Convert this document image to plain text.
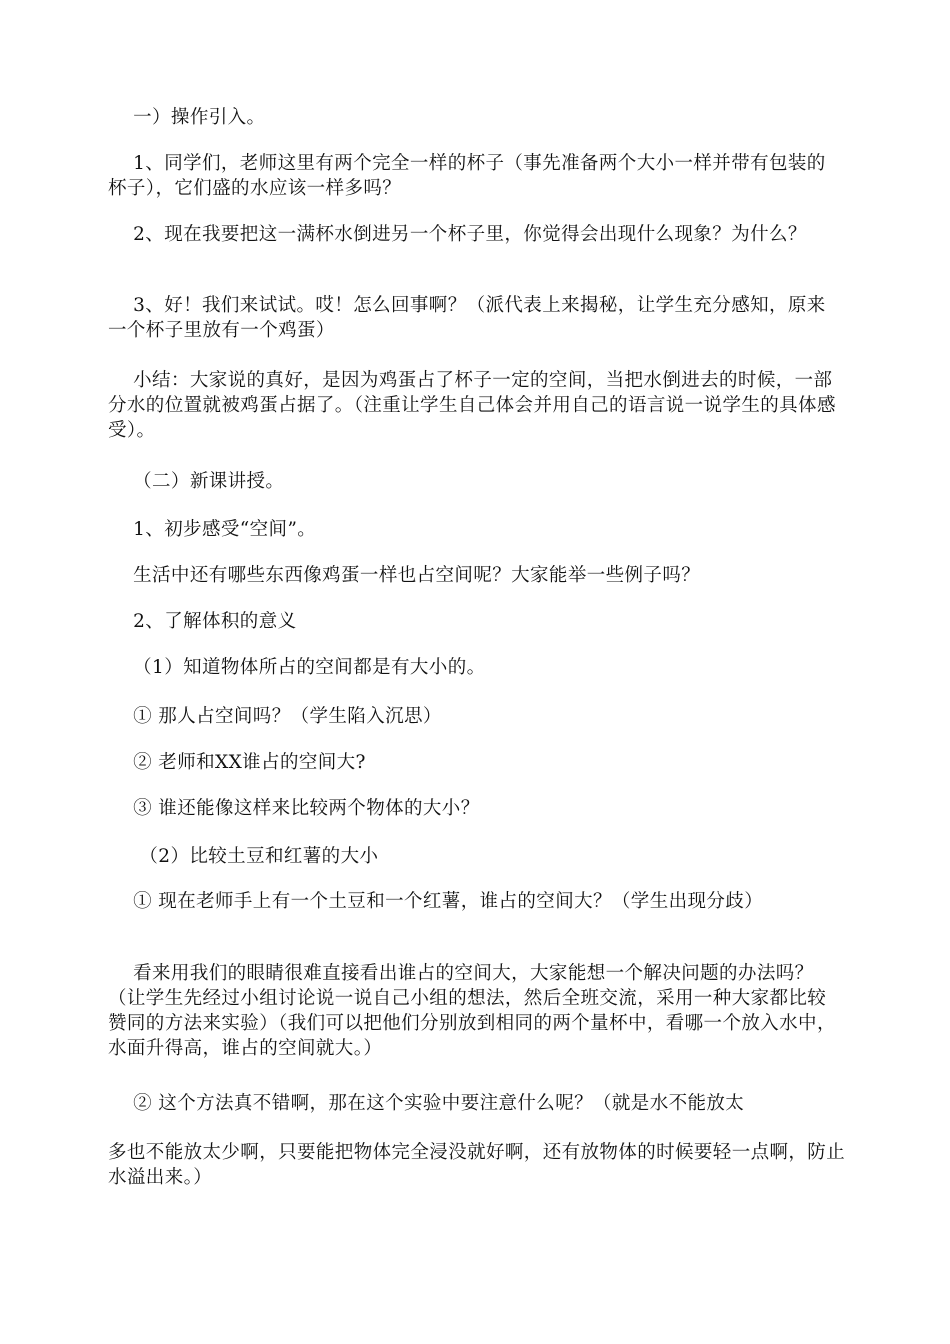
一）操作引入。

1、同学们，老师这里有两个完全一样的杯子（事先准备两个大小一样并带有包装的杯子），它们盛的水应该一样多吗？

2、现在我要把这一满杯水倒进另一个杯子里，你觉得会出现什么现象？为什么？

3、好！我们来试试。哎！怎么回事啊？（派代表上来揭秘，让学生充分感知，原来一个杯子里放有一个鸡蛋）

小结：大家说的真好，是因为鸡蛋占了杯子一定的空间，当把水倒进去的时候，一部分水的位置就被鸡蛋占据了。（注重让学生自己体会并用自己的语言说一说学生的具体感受）。

（二）新课讲授。

1、初步感受“空间”。

生活中还有哪些东西像鸡蛋一样也占空间呢？大家能举一些例子吗？

2、了解体积的意义

（1）知道物体所占的空间都是有大小的。

① 那人占空间吗？（学生陷入沉思）

② 老师和XX谁占的空间大?

③ 谁还能像这样来比较两个物体的大小？

（2）比较土豆和红薯的大小

① 现在老师手上有一个土豆和一个红薯，谁占的空间大？（学生出现分歧）

看来用我们的眼睛很难直接看出谁占的空间大，大家能想一个解决问题的办法吗？（让学生先经过小组讨论说一说自己小组的想法，然后全班交流，采用一种大家都比较赞同的方法来实验）（我们可以把他们分别放到相同的两个量杯中，看哪一个放入水中，水面升得高，谁占的空间就大。）

② 这个方法真不错啊，那在这个实验中要注意什么呢？（就是水不能放太

多也不能放太少啊，只要能把物体完全浸没就好啊，还有放物体的时候要轻一点啊，防止水溢出来。）
